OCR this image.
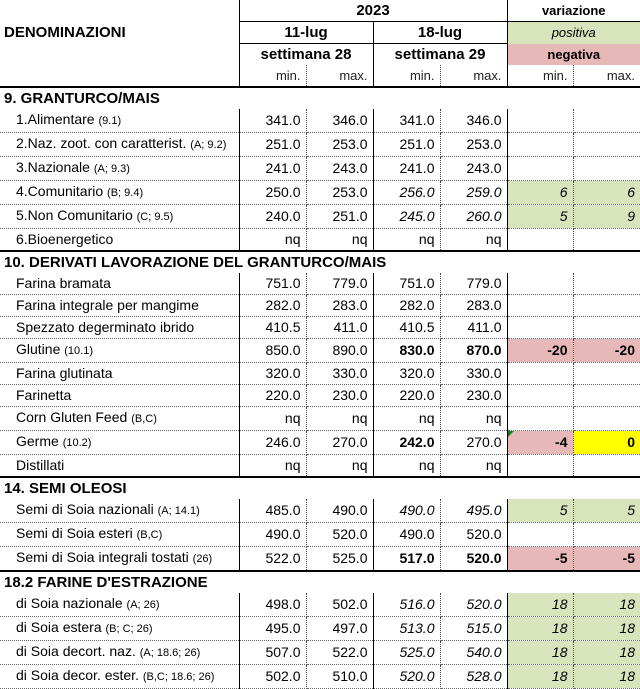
DENOMINAZIONI	2023				variazione	
	11-lug		18-lug		positiva	
	settimana 28		settimana 29		negativa	
	min.	max.	min.	max.	min.	max.
9. GRANTURCO/MAIS						
1.Alimentare (9.1)	341.0	346.0	341.0	346.0		
2.Naz. zoot. con caratterist. (A; 9.2)	251.0	253.0	251.0	253.0		
3.Nazionale (A; 9.3)	241.0	243.0	241.0	243.0		
4.Comunitario (B; 9.4)	250.0	253.0	256.0	259.0	6	6
5.Non Comunitario (C; 9.5)	240.0	251.0	245.0	260.0	5	9
6.Bioenergetico	nq	nq	nq	nq		
10. DERIVATI LAVORAZIONE DEL GRANTURCO/MAIS						
Farina bramata	751.0	779.0	751.0	779.0		
Farina integrale per mangime	282.0	283.0	282.0	283.0		
Spezzato degerminato ibrido	410.5	411.0	410.5	411.0		
Glutine (10.1)	850.0	890.0	830.0	870.0	-20	-20
Farina glutinata	320.0	330.0	320.0	330.0		
Farinetta	220.0	230.0	220.0	230.0		
Corn Gluten Feed (B,C)	nq	nq	nq	nq		
Germe (10.2)	246.0	270.0	242.0	270.0	-4	0
Distillati	nq	nq	nq	nq		
14. SEMI OLEOSI						
Semi di Soia nazionali (A; 14.1)	485.0	490.0	490.0	495.0	5	5
Semi di Soia esteri (B,C)	490.0	520.0	490.0	520.0		
Semi di Soia integrali tostati (26)	522.0	525.0	517.0	520.0	-5	-5
18.2 FARINE D'ESTRAZIONE						
di Soia nazionale (A; 26)	498.0	502.0	516.0	520.0	18	18
di Soia estera (B; C; 26)	495.0	497.0	513.0	515.0	18	18
di Soia decort. naz. (A; 18.6; 26)	507.0	522.0	525.0	540.0	18	18
di Soia decor. ester. (B,C; 18.6; 26)	502.0	510.0	520.0	528.0	18	18
